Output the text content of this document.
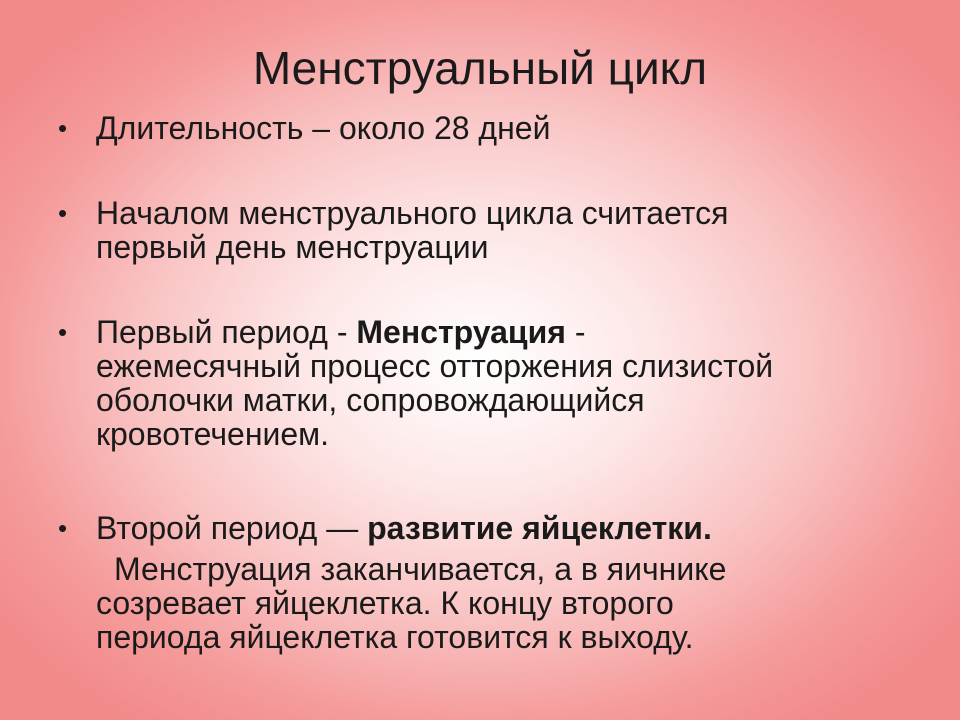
Менструальный цикл
• Длительность – около 28 дней
• Началом менструального цикла считается
первый день менструации
• Первый период - Менструация -
ежемесячный процесс отторжения слизистой
оболочки матки, сопровождающийся
кровотечением.
• Второй период — развитие яйцеклетки.
Менструация заканчивается, а в яичнике
созревает яйцеклетка. К концу второго
периода яйцеклетка готовится к выходу.
